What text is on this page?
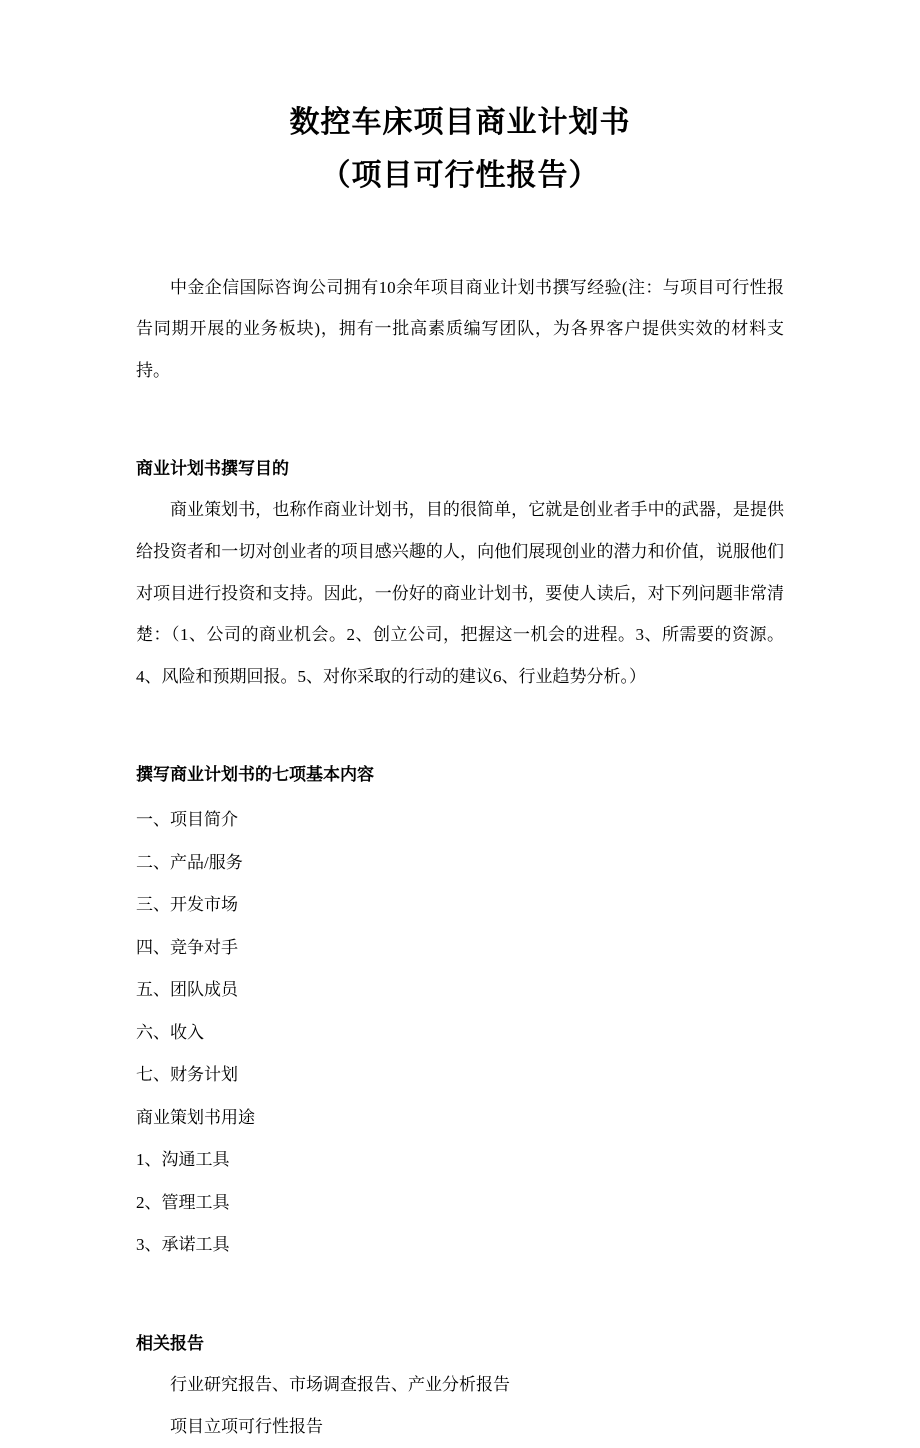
数控车床项目商业计划书
（项目可行性报告）

中金企信国际咨询公司拥有10余年项目商业计划书撰写经验(注：与项目可行性报告同期开展的业务板块)，拥有一批高素质编写团队，为各界客户提供实效的材料支持。

商业计划书撰写目的

商业策划书，也称作商业计划书，目的很简单，它就是创业者手中的武器，是提供给投资者和一切对创业者的项目感兴趣的人，向他们展现创业的潜力和价值，说服他们对项目进行投资和支持。因此，一份好的商业计划书，要使人读后，对下列问题非常清楚：（1、公司的商业机会。2、创立公司，把握这一机会的进程。3、所需要的资源。4、风险和预期回报。5、对你采取的行动的建议6、行业趋势分析。）

撰写商业计划书的七项基本内容
一、项目简介
二、产品/服务
三、开发市场
四、竞争对手
五、团队成员
六、收入
七、财务计划
商业策划书用途
1、沟通工具
2、管理工具
3、承诺工具
相关报告
行业研究报告、市场调查报告、产业分析报告
项目立项可行性报告
